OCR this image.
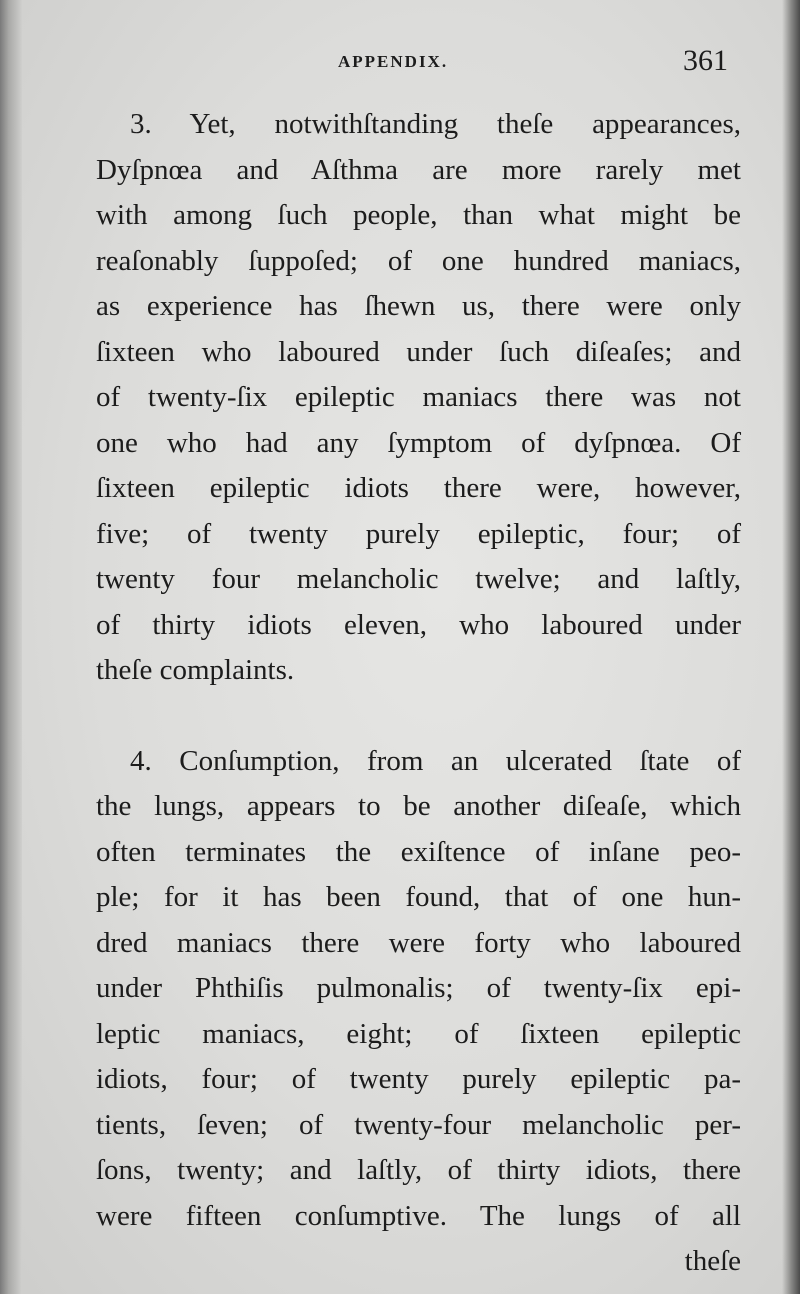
APPENDIX.	361
3. Yet, notwithſtanding theſe appearances,
Dyſpnœa and Aſthma are more rarely met
with among ſuch people, than what might be
reaſonably ſuppoſed; of one hundred maniacs,
as experience has ſhewn us, there were only
ſixteen who laboured under ſuch diſeaſes; and
of twenty-ſix epileptic maniacs there was not
one who had any ſymptom of dyſpnœa. Of
ſixteen epileptic idiots there were, however,
five; of twenty purely epileptic, four; of
twenty four melancholic twelve; and laſtly,
of thirty idiots eleven, who laboured under
theſe complaints.
4. Conſumption, from an ulcerated ſtate of
the lungs, appears to be another diſeaſe, which
often terminates the exiſtence of inſane peo-
ple; for it has been found, that of one hun-
dred maniacs there were forty who laboured
under Phthiſis pulmonalis; of twenty-ſix epi-
leptic maniacs, eight; of ſixteen epileptic
idiots, four; of twenty purely epileptic pa-
tients, ſeven; of twenty-four melancholic per-
ſons, twenty; and laſtly, of thirty idiots, there
were fifteen conſumptive. The lungs of all
theſe
